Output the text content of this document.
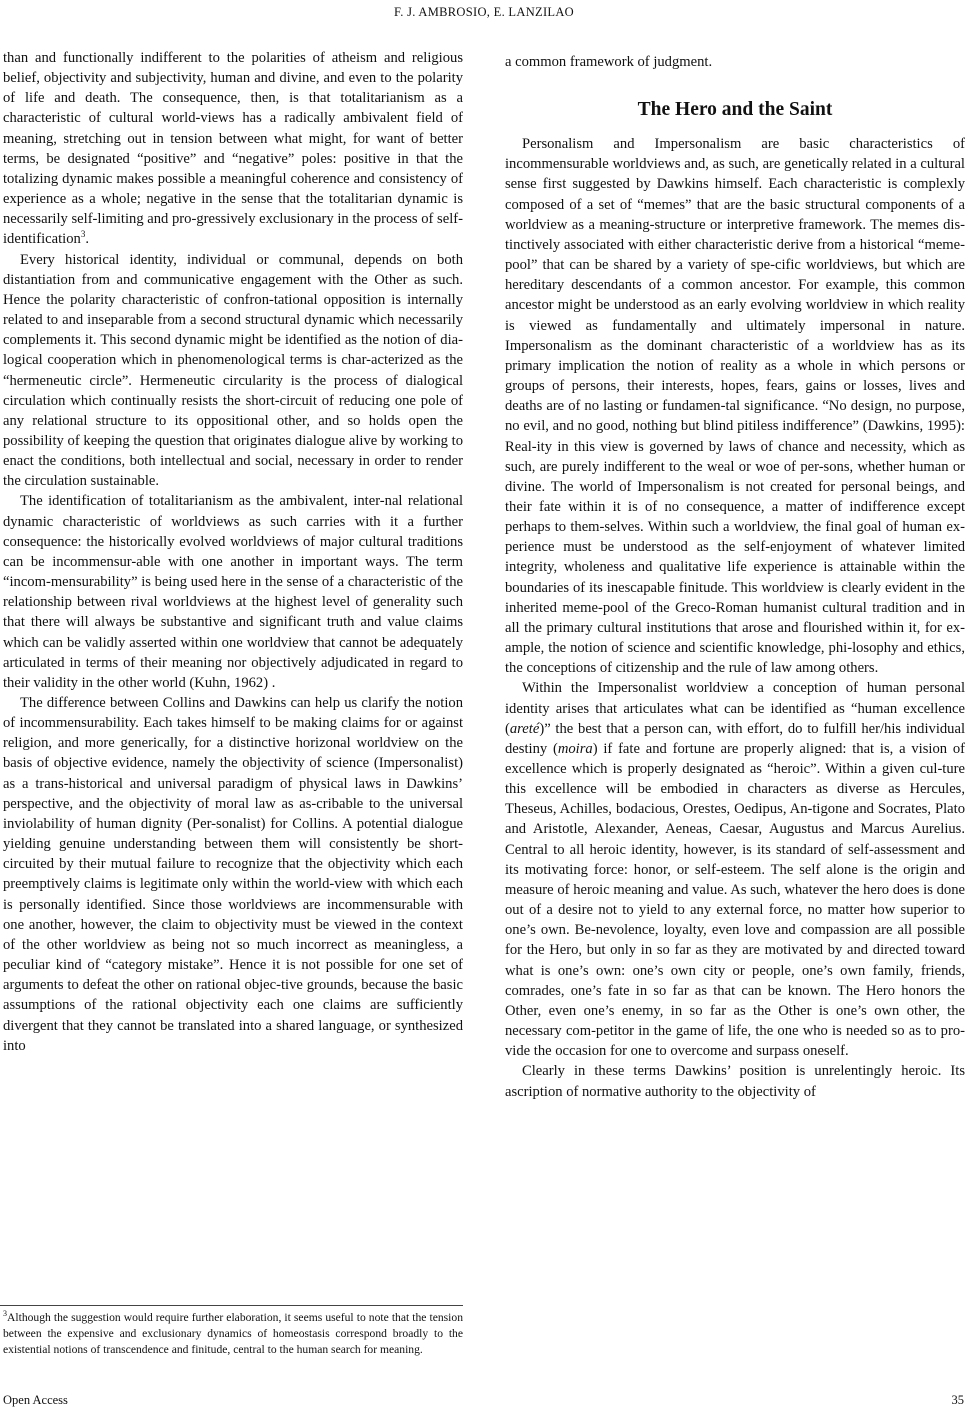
F. J. AMBROSIO, E. LANZILAO

than and functionally indifferent to the polarities of atheism and religious belief, objectivity and subjectivity, human and divine, and even to the polarity of life and death. The consequence, then, is that totalitarianism as a characteristic of cultural world-views has a radically ambivalent field of meaning, stretching out in tension between what might, for want of better terms, be designated “positive” and “negative” poles: positive in that the totalizing dynamic makes possible a meaningful coherence and consistency of experience as a whole; negative in the sense that the totalitarian dynamic is necessarily self-limiting and pro-gressively exclusionary in the process of self-identification$^3$.

Every historical identity, individual or communal, depends on both distantiation from and communicative engagement with the Other as such. Hence the polarity characteristic of confron-tational opposition is internally related to and inseparable from a second structural dynamic which necessarily complements it. This second dynamic might be identified as the notion of dia-logical cooperation which in phenomenological terms is char-acterized as the “hermeneutic circle”. Hermeneutic circularity is the process of dialogical circulation which continually resists the short-circuit of reducing one pole of any relational structure to its oppositional other, and so holds open the possibility of keeping the question that originates dialogue alive by working to enact the conditions, both intellectual and social, necessary in order to render the circulation sustainable.

The identification of totalitarianism as the ambivalent, inter-nal relational dynamic characteristic of worldviews as such carries with it a further consequence: the historically evolved worldviews of major cultural traditions can be incommensur-able with one another in important ways. The term “incom-mensurability” is being used here in the sense of a characteristic of the relationship between rival worldviews at the highest level of generality such that there will always be substantive and significant truth and value claims which can be validly asserted within one worldview that cannot be adequately articulated in terms of their meaning nor objectively adjudicated in regard to their validity in the other world (Kuhn, 1962) .

The difference between Collins and Dawkins can help us clarify the notion of incommensurability. Each takes himself to be making claims for or against religion, and more generically, for a distinctive horizonal worldview on the basis of objective evidence, namely the objectivity of science (Impersonalist) as a trans-historical and universal paradigm of physical laws in Dawkins’ perspective, and the objectivity of moral law as as-cribable to the universal inviolability of human dignity (Per-sonalist) for Collins. A potential dialogue yielding genuine understanding between them will consistently be short-circuited by their mutual failure to recognize that the objectivity which each preemptively claims is legitimate only within the world-view with which each is personally identified. Since those worldviews are incommensurable with one another, however, the claim to objectivity must be viewed in the context of the other worldview as being not so much incorrect as meaningless, a peculiar kind of “category mistake”. Hence it is not possible for one set of arguments to defeat the other on rational objec-tive grounds, because the basic assumptions of the rational objectivity each one claims are sufficiently divergent that they cannot be translated into a shared language, or synthesized into

a common framework of judgment.

The Hero and the Saint

Personalism and Impersonalism are basic characteristics of incommensurable worldviews and, as such, are genetically related in a cultural sense first suggested by Dawkins himself. Each characteristic is complexly composed of a set of “memes” that are the basic structural components of a worldview as a meaning-structure or interpretive framework. The memes dis-tinctively associated with either characteristic derive from a historical “meme-pool” that can be shared by a variety of spe-cific worldviews, but which are hereditary descendants of a common ancestor. For example, this common ancestor might be understood as an early evolving worldview in which reality is viewed as fundamentally and ultimately impersonal in nature. Impersonalism as the dominant characteristic of a worldview has as its primary implication the notion of reality as a whole in which persons or groups of persons, their interests, hopes, fears, gains or losses, lives and deaths are of no lasting or fundamen-tal significance. “No design, no purpose, no evil, and no good, nothing but blind pitiless indifference” (Dawkins, 1995): Real-ity in this view is governed by laws of chance and necessity, which as such, are purely indifferent to the weal or woe of per-sons, whether human or divine. The world of Impersonalism is not created for personal beings, and their fate within it is of no consequence, a matter of indifference except perhaps to them-selves. Within such a worldview, the final goal of human ex-perience must be understood as the self-enjoyment of whatever limited integrity, wholeness and qualitative life experience is attainable within the boundaries of its inescapable finitude. This worldview is clearly evident in the inherited meme-pool of the Greco-Roman humanist cultural tradition and in all the primary cultural institutions that arose and flourished within it, for ex-ample, the notion of science and scientific knowledge, phi-losophy and ethics, the conceptions of citizenship and the rule of law among others.

Within the Impersonalist worldview a conception of human personal identity arises that articulates what can be identified as “human excellence (areté)” the best that a person can, with effort, do to fulfill her/his individual destiny (moira) if fate and fortune are properly aligned: that is, a vision of excellence which is properly designated as “heroic”. Within a given cul-ture this excellence will be embodied in characters as diverse as Hercules, Theseus, Achilles, bodacious, Orestes, Oedipus, An-tigone and Socrates, Plato and Aristotle, Alexander, Aeneas, Caesar, Augustus and Marcus Aurelius. Central to all heroic identity, however, is its standard of self-assessment and its motivating force: honor, or self-esteem. The self alone is the origin and measure of heroic meaning and value. As such, whatever the hero does is done out of a desire not to yield to any external force, no matter how superior to one’s own. Be-nevolence, loyalty, even love and compassion are all possible for the Hero, but only in so far as they are motivated by and directed toward what is one’s own: one’s own city or people, one’s own family, friends, comrades, one’s fate in so far as that can be known. The Hero honors the Other, even one’s enemy, in so far as the Other is one’s own other, the necessary com-petitor in the game of life, the one who is needed so as to pro-vide the occasion for one to overcome and surpass oneself.

Clearly in these terms Dawkins’ position is unrelentingly heroic. Its ascription of normative authority to the objectivity of

$^3$Although the suggestion would require further elaboration, it seems useful to note that the tension between the expensive and exclusionary dynamics of homeostasis correspond broadly to the existential notions of transcendence and finitude, central to the human search for meaning.
Open Access	35
